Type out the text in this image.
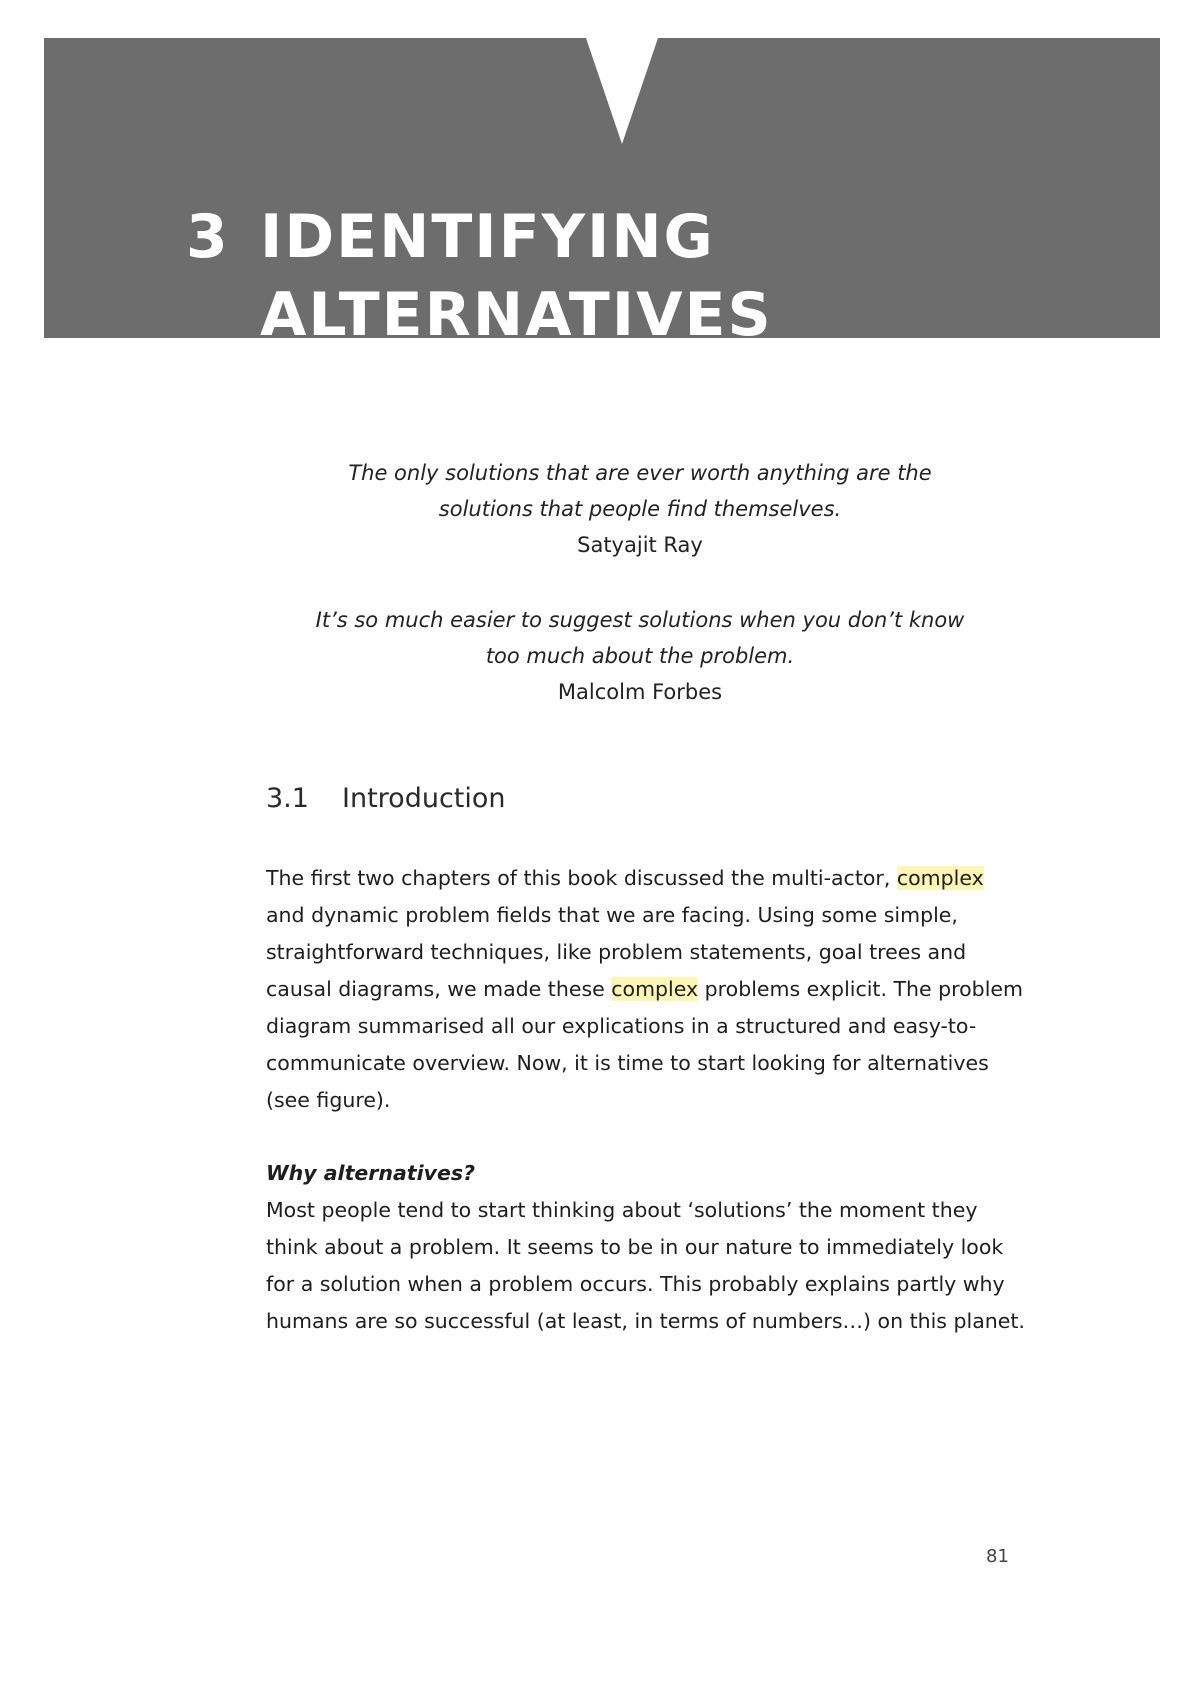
3 IDENTIFYING
ALTERNATIVES
The only solutions that are ever worth anything are the
solutions that people find themselves.
Satyajit Ray
It’s so much easier to suggest solutions when you don’t know
too much about the problem.
Malcolm Forbes
3.1	Introduction

The first two chapters of this book discussed the multi-actor, complex and dynamic problem fields that we are facing. Using some simple, straightforward techniques, like problem statements, goal trees and causal diagrams, we made these complex problems explicit. The problem diagram summarised all our explications in a structured and easy-to-communicate overview. Now, it is time to start looking for alternatives (see figure).

Why alternatives?
Most people tend to start thinking about ‘solutions’ the moment they think about a problem. It seems to be in our nature to immediately look for a solution when a problem occurs. This probably explains partly why humans are so successful (at least, in terms of numbers…) on this planet.

81
